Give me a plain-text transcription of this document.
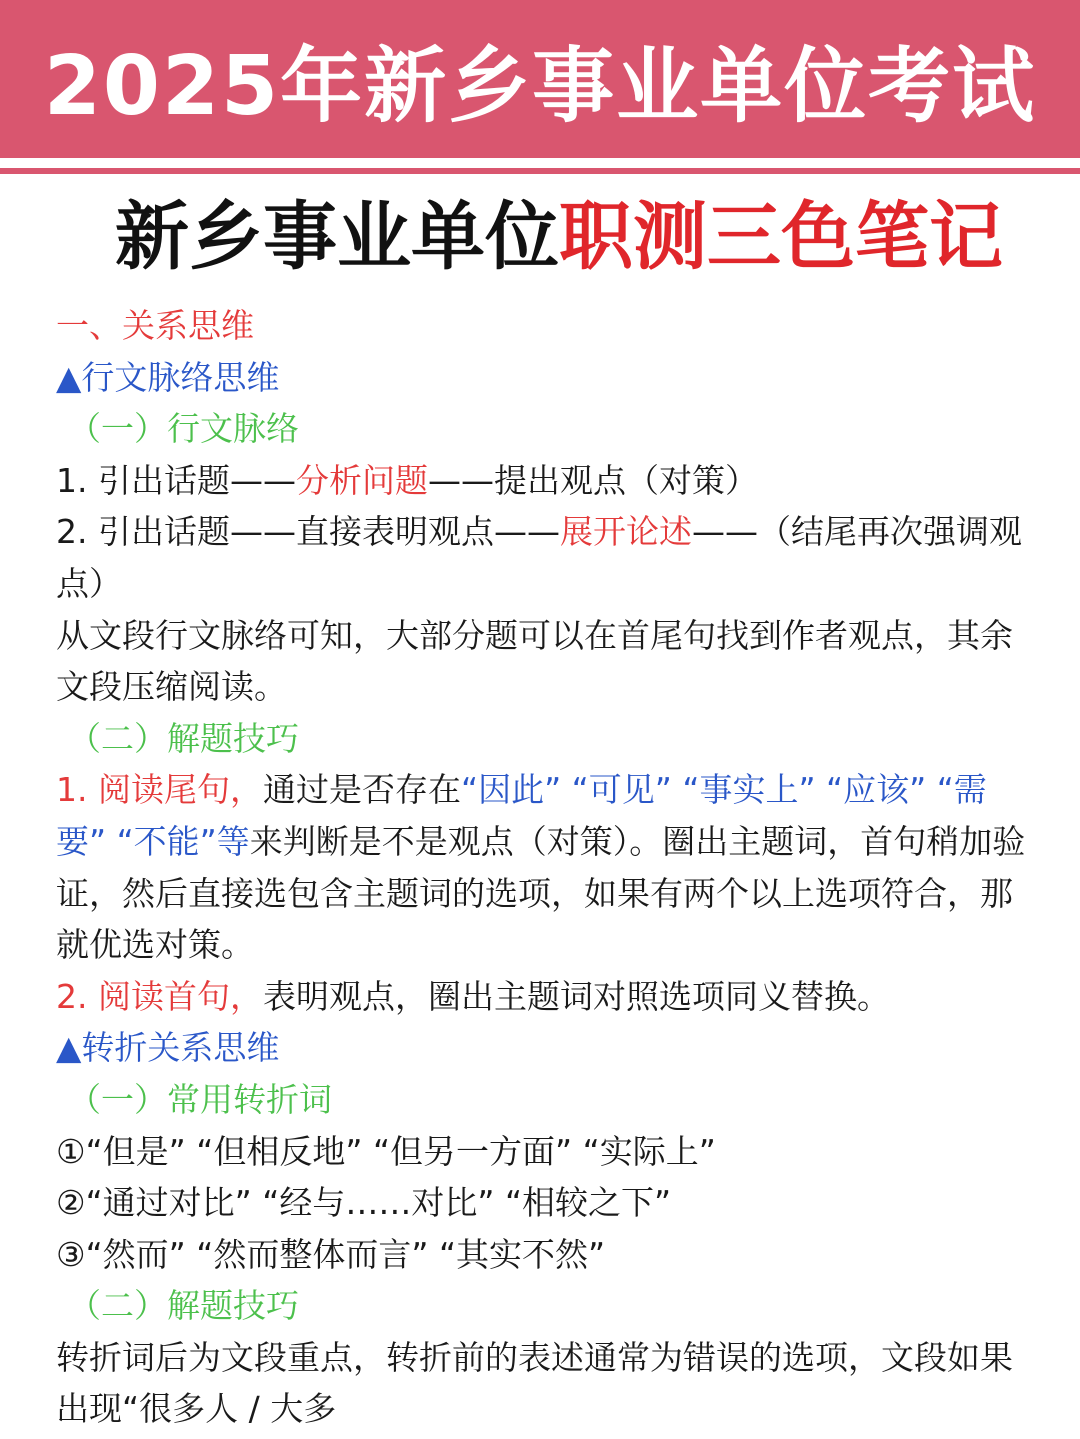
2025年新乡事业单位考试
新乡事业单位职测三色笔记
一、关系思维
▲行文脉络思维
（一）行文脉络
1. 引出话题——分析问题——提出观点（对策）
2. 引出话题——直接表明观点——展开论述——（结尾再次强调观点）
从文段行文脉络可知，大部分题可以在首尾句找到作者观点，其余文段压缩阅读。
（二）解题技巧
1. 阅读尾句，通过是否存在“因此” “可见” “事实上” “应该” “需要” “不能”等来判断是不是观点（对策）。圈出主题词，首句稍加验证，然后直接选包含主题词的选项，如果有两个以上选项符合，那就优选对策。
2. 阅读首句，表明观点，圈出主题词对照选项同义替换。
▲转折关系思维
（一）常用转折词
①“但是” “但相反地” “但另一方面” “实际上”
②“通过对比” “经与……对比” “相较之下”
③“然而” “然而整体而言” “其实不然”
（二）解题技巧
转折词后为文段重点，转折前的表述通常为错误的选项，文段如果出现“很多人 / 大多
